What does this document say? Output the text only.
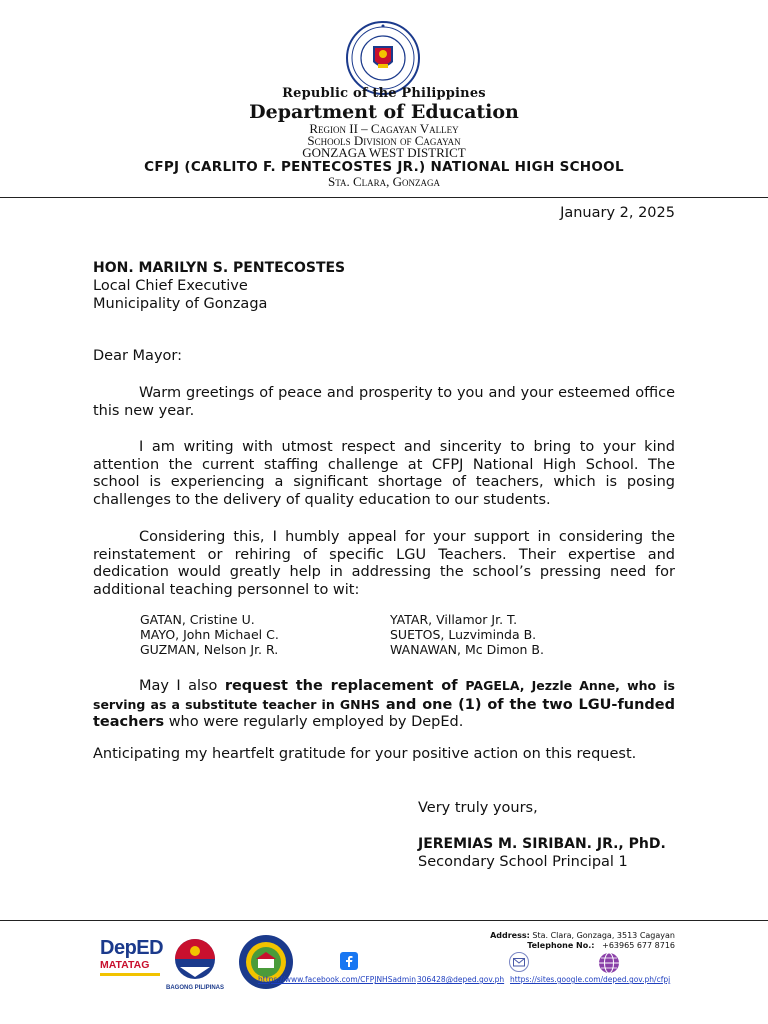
Republic of the Philippines
Department of Education
Region II – Cagayan Valley
Schools Division of Cagayan
GONZAGA WEST DISTRICT
CFPJ (CARLITO F. PENTECOSTES JR.) NATIONAL HIGH SCHOOL
Sta. Clara, Gonzaga
January 2, 2025
HON. MARILYN S. PENTECOSTES
Local Chief Executive
Municipality of Gonzaga
Dear Mayor:
Warm greetings of peace and prosperity to you and your esteemed office this new year.
I am writing with utmost respect and sincerity to bring to your kind attention the current staffing challenge at CFPJ National High School. The school is experiencing a significant shortage of teachers, which is posing challenges to the delivery of quality education to our students.
Considering this, I humbly appeal for your support in considering the reinstatement or rehiring of specific LGU Teachers. Their expertise and dedication would greatly help in addressing the school’s pressing need for additional teaching personnel to wit:
GATAN, Cristine U.
MAYO, John Michael C.
GUZMAN, Nelson Jr. R.
YATAR, Villamor Jr. T.
SUETOS, Luzviminda B.
WANAWAN, Mc Dimon B.
May I also request the replacement of PAGELA, Jezzle Anne, who is serving as a substitute teacher in GNHS and one (1) of the two LGU-funded teachers who were regularly employed by DepEd.
Anticipating my heartfelt gratitude for your positive action on this request.
Very truly yours,
JEREMIAS M. SIRIBAN. JR., PhD.
Secondary School Principal 1
DepED
MATATAG
BAGONG PILIPINAS
Address: Sta. Clara, Gonzaga, 3513 Cagayan
Telephone No.: +63965 677 8716
https://www.facebook.com/CFPJNHSadmin 306428@deped.gov.ph https://sites.google.com/deped.gov.ph/cfpj
